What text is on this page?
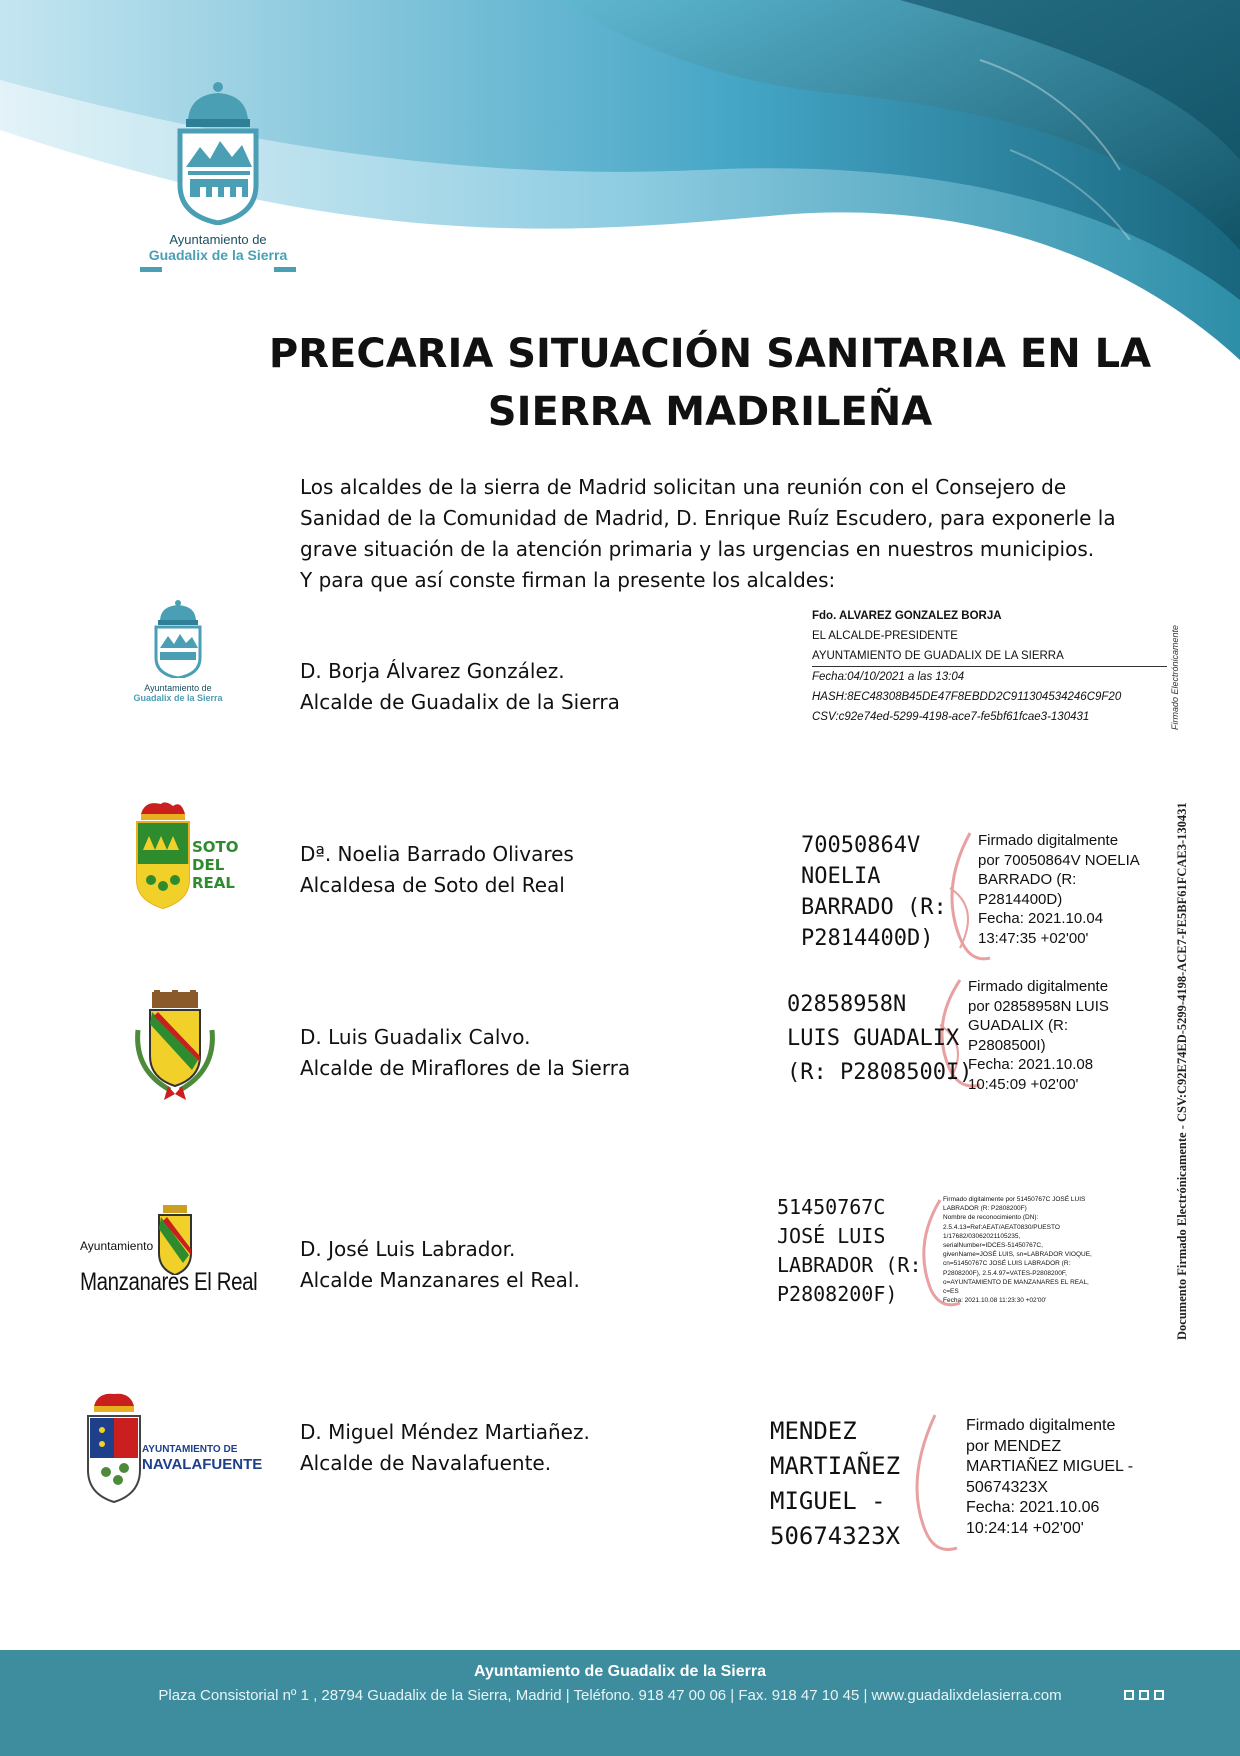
Ayuntamiento de
Guadalix de la Sierra
PRECARIA SITUACIÓN SANITARIA EN LA
SIERRA MADRILEÑA
Los alcaldes de la sierra de Madrid solicitan una reunión con el Consejero de
Sanidad de la Comunidad de Madrid, D. Enrique Ruíz Escudero, para exponerle la
grave situación de la atención primaria y las urgencias en nuestros municipios.
Y para que así conste firman la presente los alcaldes:
Ayuntamiento de
Guadalix de la Sierra
D. Borja Álvarez González.
Alcalde de Guadalix de la Sierra
Fdo. ALVAREZ GONZALEZ BORJA
EL ALCALDE-PRESIDENTE
AYUNTAMIENTO DE GUADALIX DE LA SIERRA
Fecha:04/10/2021 a las 13:04
HASH:8EC48308B45DE47F8EBDD2C911304534246C9F20
CSV:c92e74ed-5299-4198-ace7-fe5bf61fcae3-130431
SOTO
DEL
REAL
Dª. Noelia Barrado Olivares
Alcaldesa de Soto del Real
70050864V
NOELIA
BARRADO (R:
P2814400D)
Firmado digitalmente
por 70050864V NOELIA
BARRADO (R:
P2814400D)
Fecha: 2021.10.04
13:47:35 +02'00'
D. Luis Guadalix Calvo.
Alcalde de Miraflores de la Sierra
02858958N
LUIS GUADALIX
(R: P2808500I)
Firmado digitalmente
por 02858958N LUIS
GUADALIX (R:
P2808500I)
Fecha: 2021.10.08
10:45:09 +02'00'
Ayuntamiento
Manzanares El Real
D. José Luis Labrador.
Alcalde Manzanares el Real.
51450767C
JOSÉ LUIS
LABRADOR (R:
P2808200F)
Firmado digitalmente por 51450767C JOSÉ LUIS
LABRADOR (R: P2808200F)
Nombre de reconocimiento (DN):
2.5.4.13=Ref:AEAT/AEAT0830/PUESTO
1/17682/03062021105235,
serialNumber=IDCES-51450767C,
givenName=JOSÉ LUIS, sn=LABRADOR VIOQUE,
cn=51450767C JOSÉ LUIS LABRADOR (R:
P2808200F), 2.5.4.97=VATES-P2808200F,
o=AYUNTAMIENTO DE MANZANARES EL REAL,
c=ES
Fecha: 2021.10.08 11:23:30 +02'00'
AYUNTAMIENTO DE
NAVALAFUENTE
D. Miguel Méndez Martiañez.
Alcalde de Navalafuente.
MENDEZ
MARTIAÑEZ
MIGUEL -
50674323X
Firmado digitalmente
por MENDEZ
MARTIAÑEZ MIGUEL -
50674323X
Fecha: 2021.10.06
10:24:14 +02'00'
Firmado Electrónicamente
Documento Firmado Electrónicamente - CSV:C92E74ED-5299-4198-ACE7-FE5BF61FCAE3-130431
Ayuntamiento de Guadalix de la Sierra
Plaza Consistorial nº 1 , 28794 Guadalix de la Sierra, Madrid | Teléfono. 918 47 00 06 | Fax. 918 47 10 45 | www.guadalixdelasierra.com
